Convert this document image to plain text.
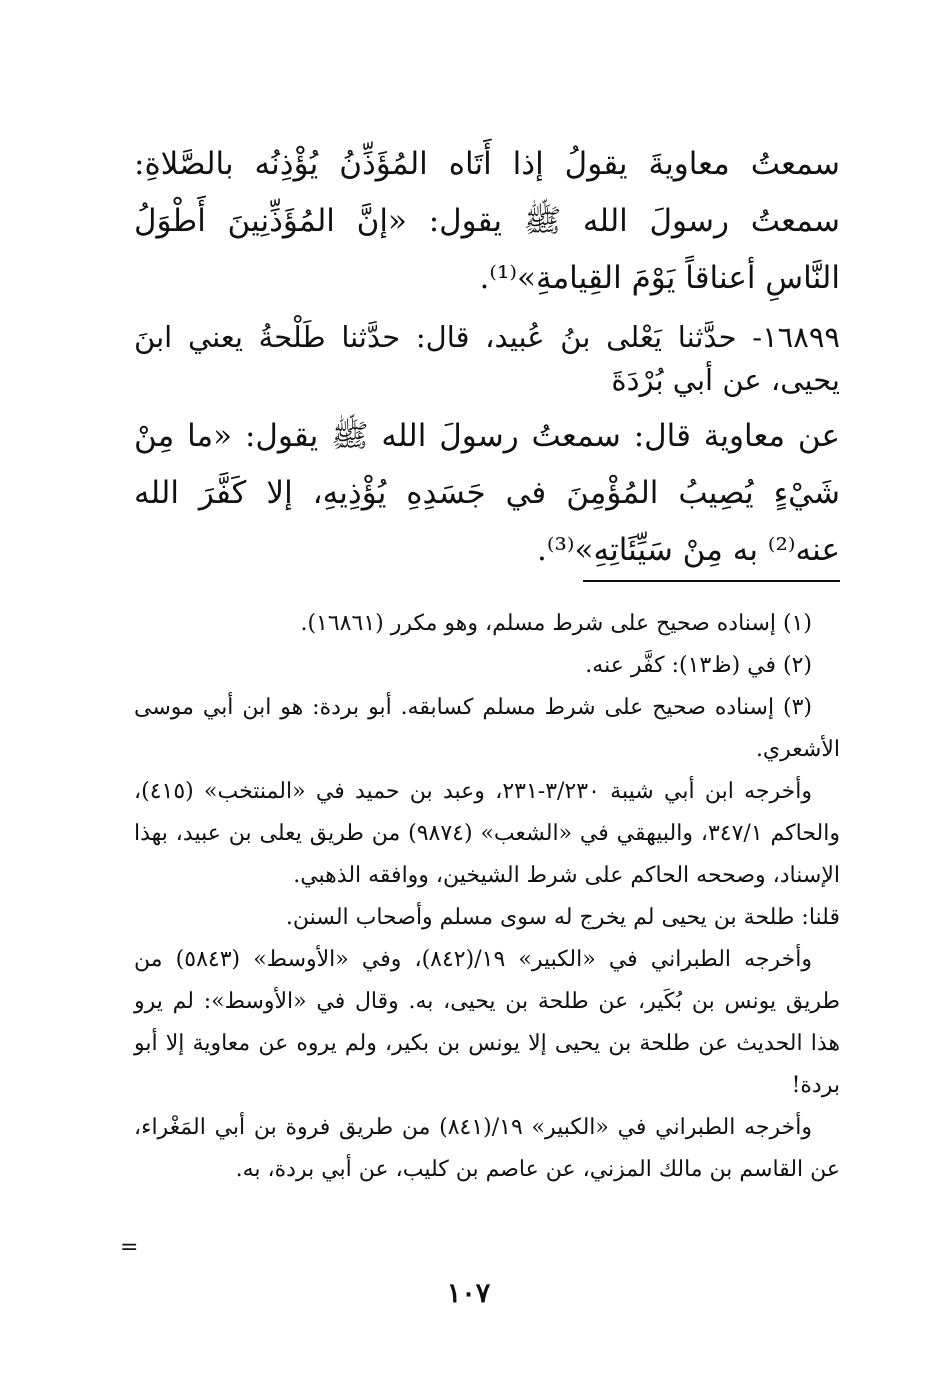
سمعتُ معاويةَ يقولُ إذا أَتَاه المُؤَذِّنُ يُؤْذِنُه بالصَّلاةِ: سمعتُ رسولَ الله ﷺ يقول: «إنَّ المُؤَذِّنِينَ أَطْوَلُ النَّاسِ أعناقاً يَوْمَ القِيامةِ»⁽¹⁾.

١٦٨٩٩- حدَّثنا يَعْلى بنُ عُبيد، قال: حدَّثنا طَلْحةُ يعني ابنَ يحيى، عن أبي بُرْدَةَ

عن معاوية قال: سمعتُ رسولَ الله ﷺ يقول: «ما مِنْ شَيْءٍ يُصِيبُ المُؤْمِنَ في جَسَدِهِ يُؤْذِيهِ، إلا كَفَّرَ الله عنه⁽²⁾ به مِنْ سَيِّئَاتِهِ»⁽³⁾.

(١) إسناده صحيح على شرط مسلم، وهو مكرر (١٦٨٦١).

(٢) في (ظ١٣): كفَّر عنه.

(٣) إسناده صحيح على شرط مسلم كسابقه. أبو بردة: هو ابن أبي موسى الأشعري.

وأخرجه ابن أبي شيبة ٣/٢٣٠-٢٣١، وعبد بن حميد في «المنتخب» (٤١٥)، والحاكم ٣٤٧/١، والبيهقي في «الشعب» (٩٨٧٤) من طريق يعلى بن عبيد، بهذا الإسناد، وصححه الحاكم على شرط الشيخين، ووافقه الذهبي.

قلنا: طلحة بن يحيى لم يخرج له سوى مسلم وأصحاب السنن.

وأخرجه الطبراني في «الكبير» ١٩/(٨٤٢)، وفي «الأوسط» (٥٨٤٣) من طريق يونس بن بُكَير، عن طلحة بن يحيى، به. وقال في «الأوسط»: لم يرو هذا الحديث عن طلحة بن يحيى إلا يونس بن بكير، ولم يروه عن معاوية إلا أبو بردة!

وأخرجه الطبراني في «الكبير» ١٩/(٨٤١) من طريق فروة بن أبي المَغْراء، عن القاسم بن مالك المزني، عن عاصم بن كليب، عن أبي بردة، به.

=
١٠٧
